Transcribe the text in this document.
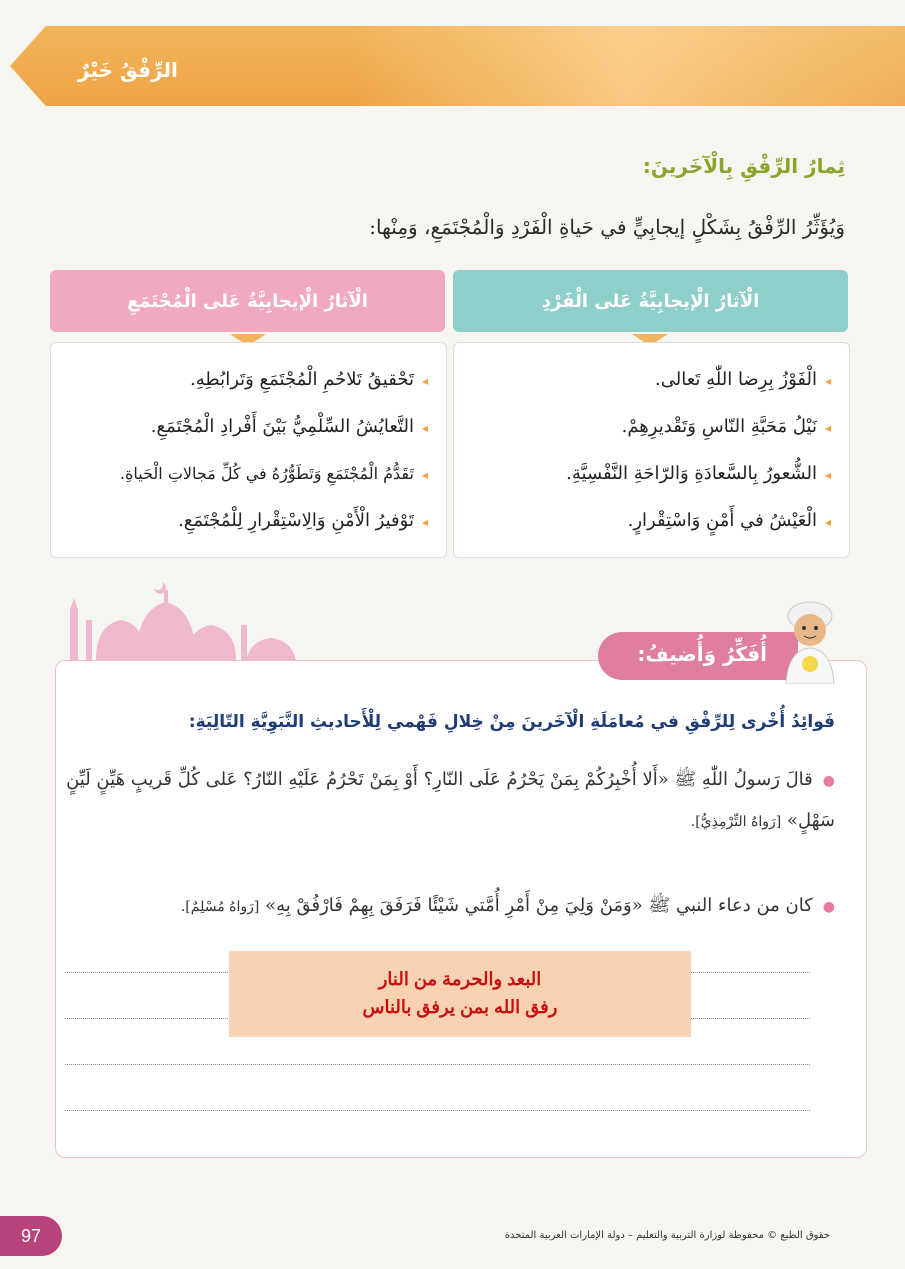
الرِّفْقُ خَيْرٌ
ثِمارُ الرِّفْقِ بِالْآخَرينَ:
وَيُؤَثِّرُ الرِّفْقُ بِشَكْلٍ إيجابِيٍّ في حَياةِ الْفَرْدِ وَالْمُجْتَمَعِ، وَمِنْها:
الْآثارُ الْإيجابِيَّةُ عَلى الْفَرْدِ
◂الْفَوْزُ بِرِضا اللّٰهِ تَعالى.
◂نَيْلُ مَحَبَّةِ النّاسِ وَتَقْديرِهِمْ.
◂الشُّعورُ بِالسَّعادَةِ وَالرّاحَةِ النَّفْسِيَّةِ.
◂الْعَيْشُ في أَمْنٍ وَاسْتِقْرارٍ.
الْآثارُ الْإيجابِيَّةُ عَلى الْمُجْتَمَعِ
◂تَحْقيقُ تَلاحُمِ الْمُجْتَمَعِ وَتَرابُطِهِ.
◂التَّعايُشُ السِّلْمِيُّ بَيْنَ أَفْرادِ الْمُجْتَمَعِ.
◂تَقَدُّمُ الْمُجْتَمَعِ وَتَطَوُّرُهُ في كُلِّ مَجالاتِ الْحَياةِ.
◂تَوْفيرُ الْأَمْنِ وَالِاسْتِقْرارِ لِلْمُجْتَمَعِ.
أُفَكِّرُ وَأُضيفُ:
فَوائِدُ أُخْرى لِلرِّفْقِ في مُعامَلَةِ الْآخَرينَ مِنْ خِلالِ فَهْمي لِلْأَحاديثِ النَّبَوِيَّةِ التّالِيَةِ:
●قالَ رَسولُ اللّٰهِ ﷺ «أَلا أُخْبِرُكُمْ بِمَنْ يَحْرُمُ عَلَى النّارِ؟ أَوْ بِمَنْ تَحْرُمُ عَلَيْهِ النّارُ؟ عَلى كُلِّ قَريبٍ هَيِّنٍ لَيِّنٍ سَهْلٍ» [رَواهُ التِّرْمِذِيُّ].
●كان من دعاء النبي ﷺ «وَمَنْ وَلِيَ مِنْ أَمْرِ أُمَّتي شَيْئًا فَرَفَقَ بِهِمْ فَارْفُقْ بِهِ» [رَواهُ مُسْلِمٌ].
البعد والحرمة من النار
رفق الله بمن يرفق بالناس
97	حقوق الطبع © محفوظة لوزارة التربية والتعليم – دولة الإمارات العربية المتحدة
